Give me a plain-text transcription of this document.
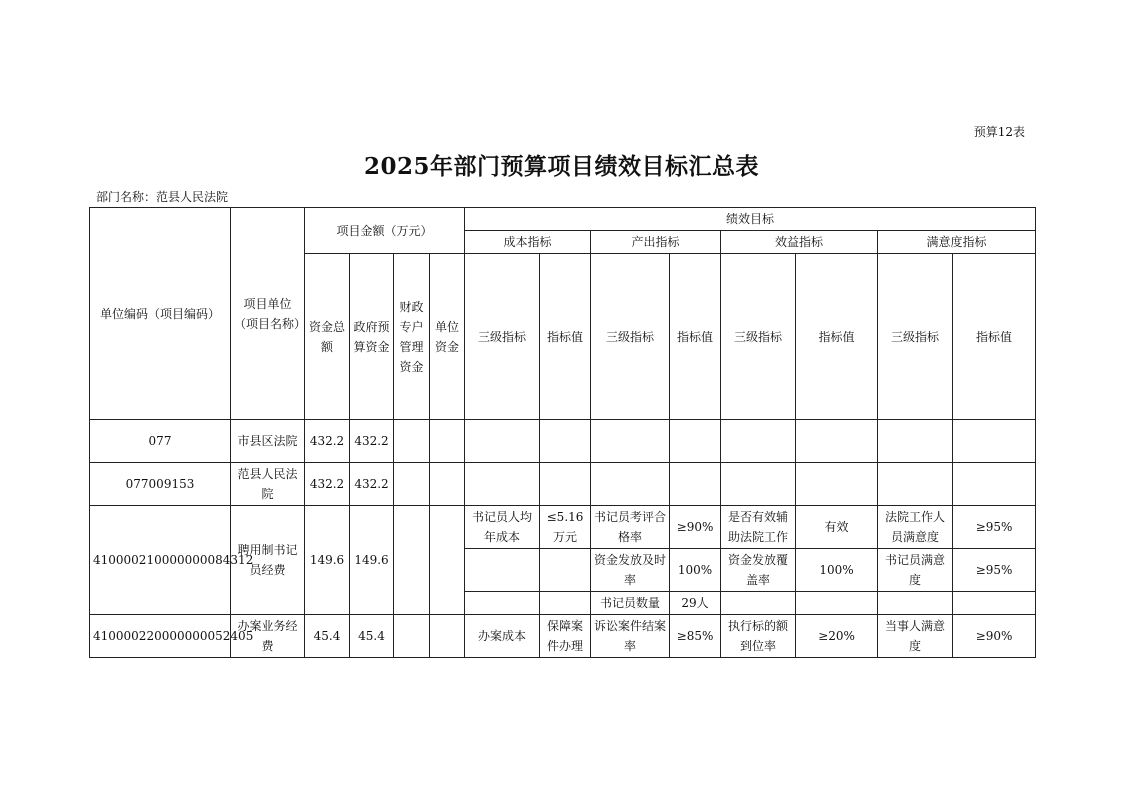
预算12表
2025年部门预算项目绩效目标汇总表
部门名称：范县人民法院
单位编码（项目编码）	项目单位（项目名称）	项目金额（万元）				绩效目标							
						成本指标		产出指标		效益指标		满意度指标	
		资金总额	政府预算资金	财政专户管理资金	单位资金	三级指标	指标值	三级指标	指标值	三级指标	指标值	三级指标	指标值
077	市县区法院	432.2	432.2										
077009153	范县人民法院	432.2	432.2										
410000210000000084312	聘用制书记员经费	149.6	149.6			书记员人均年成本	≤5.16万元	书记员考评合格率	≥90%	是否有效辅助法院工作	有效	法院工作人员满意度	≥95%
								资金发放及时率	100%	资金发放覆盖率	100%	书记员满意度	≥95%
								书记员数量	29人				
410000220000000052405	办案业务经费	45.4	45.4			办案成本	保障案件办理	诉讼案件结案率	≥85%	执行标的额到位率	≥20%	当事人满意度	≥90%
